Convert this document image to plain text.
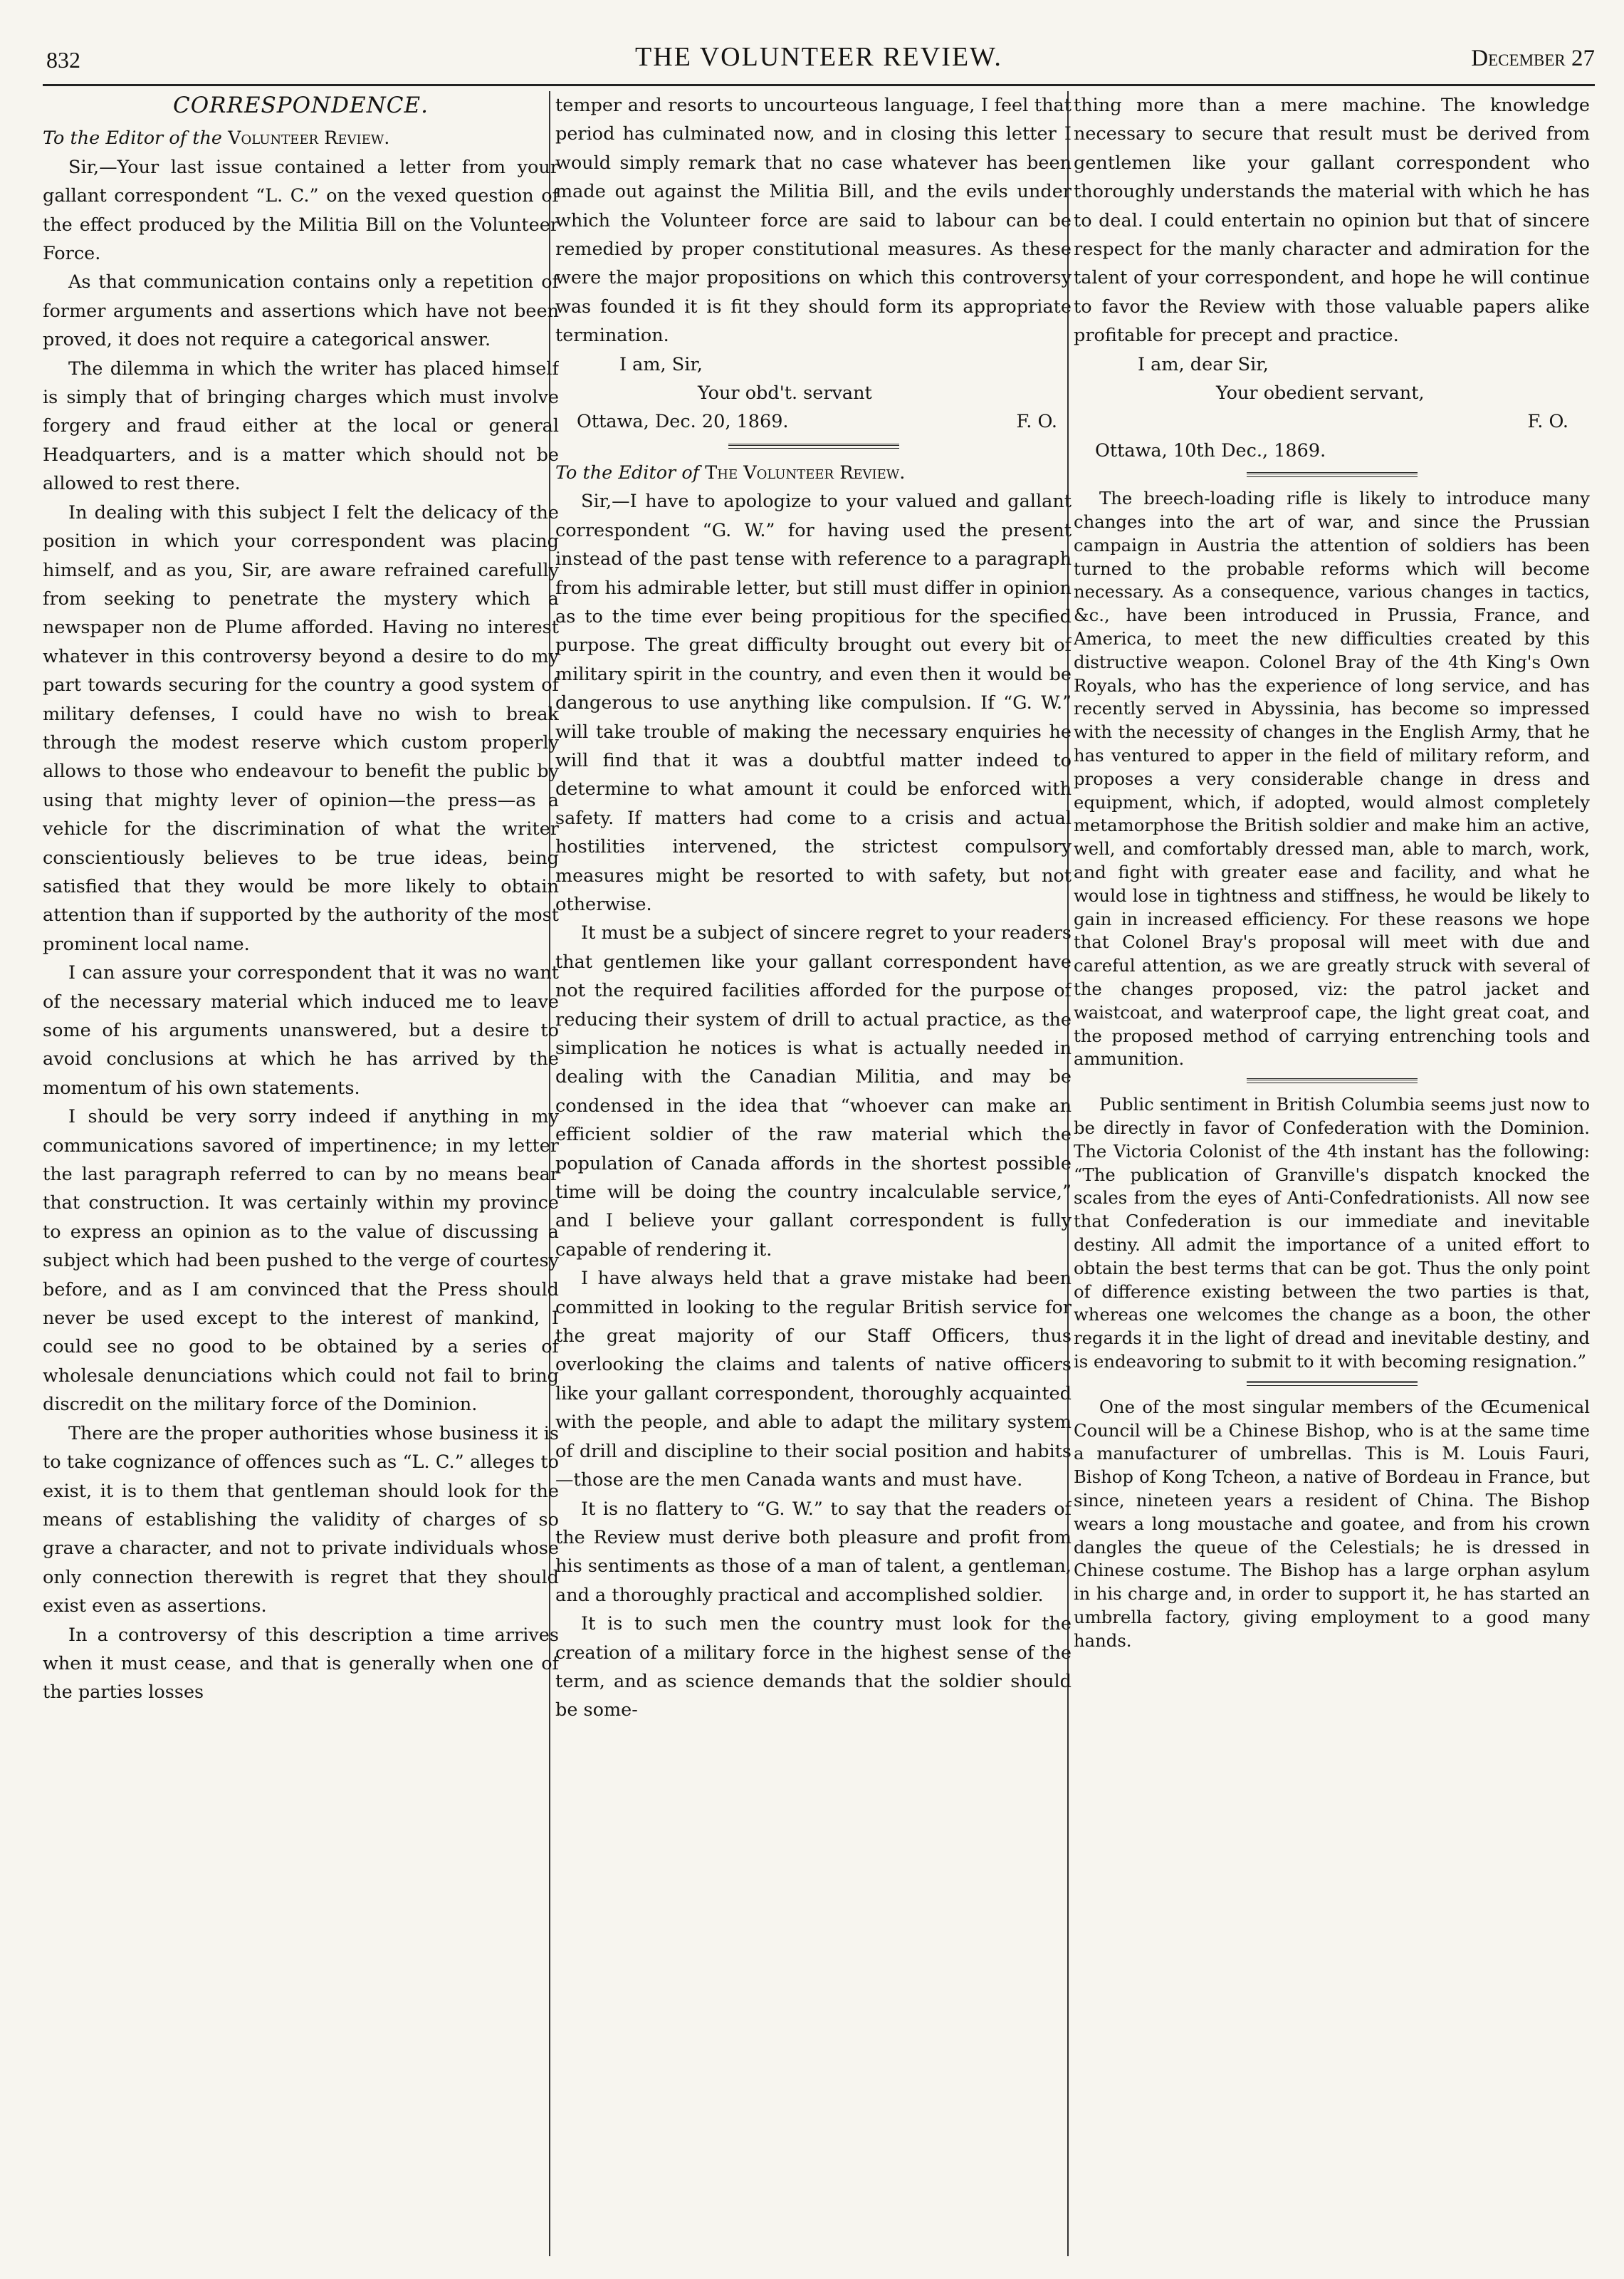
832	THE VOLUNTEER REVIEW.	December 27
CORRESPONDENCE.

To the Editor of the Volunteer Review.

Sir,—Your last issue contained a letter from your gallant correspondent “L. C.” on the vexed question of the effect produced by the Militia Bill on the Volunteer Force.

As that communication contains only a repetition of former arguments and assertions which have not been proved, it does not require a categorical answer.

The dilemma in which the writer has placed himself is simply that of bringing charges which must involve forgery and fraud either at the local or general Headquarters, and is a matter which should not be allowed to rest there.

In dealing with this subject I felt the delicacy of the position in which your correspondent was placing himself, and as you, Sir, are aware refrained carefully from seeking to penetrate the mystery which a newspaper non de Plume afforded. Having no interest whatever in this controversy beyond a desire to do my part towards securing for the country a good system of military defenses, I could have no wish to break through the modest reserve which custom properly allows to those who endeavour to benefit the public by using that mighty lever of opinion—the press—as a vehicle for the discrimination of what the writer conscientiously believes to be true ideas, being satisfied that they would be more likely to obtain attention than if supported by the authority of the most prominent local name.

I can assure your correspondent that it was no want of the necessary material which induced me to leave some of his arguments unanswered, but a desire to avoid conclusions at which he has arrived by the momentum of his own statements.

I should be very sorry indeed if anything in my communications savored of impertinence; in my letter the last paragraph referred to can by no means bear that construction. It was certainly within my province to express an opinion as to the value of discussing a subject which had been pushed to the verge of courtesy before, and as I am convinced that the Press should never be used except to the interest of mankind, I could see no good to be obtained by a series of wholesale denunciations which could not fail to bring discredit on the military force of the Dominion.

There are the proper authorities whose business it is to take cognizance of offences such as “L. C.” alleges to exist, it is to them that gentleman should look for the means of establishing the validity of charges of so grave a character, and not to private individuals whose only connection therewith is regret that they should exist even as assertions.

In a controversy of this description a time arrives when it must cease, and that is generally when one of the parties losses

temper and resorts to uncourteous language, I feel that period has culminated now, and in closing this letter I would simply remark that no case whatever has been made out against the Militia Bill, and the evils under which the Volunteer force are said to labour can be remedied by proper constitutional measures. As these were the major propositions on which this controversy was founded it is fit they should form its appropriate termination.

I am, Sir,
Your obd't. servant
Ottawa, Dec. 20, 1869.	F. O.

To the Editor of The Volunteer Review.

Sir,—I have to apologize to your valued and gallant correspondent “G. W.” for having used the present instead of the past tense with reference to a paragraph from his admirable letter, but still must differ in opinion as to the time ever being propitious for the specified purpose. The great difficulty brought out every bit of military spirit in the country, and even then it would be dangerous to use anything like compulsion. If “G. W.” will take trouble of making the necessary enquiries he will find that it was a doubtful matter indeed to determine to what amount it could be enforced with safety. If matters had come to a crisis and actual hostilities intervened, the strictest compulsory measures might be resorted to with safety, but not otherwise.

It must be a subject of sincere regret to your readers that gentlemen like your gallant correspondent have not the required facilities afforded for the purpose of reducing their system of drill to actual practice, as the simplication he notices is what is actually needed in dealing with the Canadian Militia, and may be condensed in the idea that “whoever can make an efficient soldier of the raw material which the population of Canada affords in the shortest possible time will be doing the country incalculable service,” and I believe your gallant correspondent is fully capable of rendering it.

I have always held that a grave mistake had been committed in looking to the regular British service for the great majority of our Staff Officers, thus overlooking the claims and talents of native officers like your gallant correspondent, thoroughly acquainted with the people, and able to adapt the military system of drill and discipline to their social position and habits—those are the men Canada wants and must have.

It is no flattery to “G. W.” to say that the readers of the Review must derive both pleasure and profit from his sentiments as those of a man of talent, a gentleman, and a thoroughly practical and accomplished soldier.

It is to such men the country must look for the creation of a military force in the highest sense of the term, and as science demands that the soldier should be some-

thing more than a mere machine. The knowledge necessary to secure that result must be derived from gentlemen like your gallant correspondent who thoroughly understands the material with which he has to deal. I could entertain no opinion but that of sincere respect for the manly character and admiration for the talent of your correspondent, and hope he will continue to favor the Review with those valuable papers alike profitable for precept and practice.

I am, dear Sir,
Your obedient servant,
F. O.
Ottawa, 10th Dec., 1869.

The breech-loading rifle is likely to introduce many changes into the art of war, and since the Prussian campaign in Austria the attention of soldiers has been turned to the probable reforms which will become necessary. As a consequence, various changes in tactics, &c., have been introduced in Prussia, France, and America, to meet the new difficulties created by this distructive weapon. Colonel Bray of the 4th King's Own Royals, who has the experience of long service, and has recently served in Abyssinia, has become so impressed with the necessity of changes in the English Army, that he has ventured to apper in the field of military reform, and proposes a very considerable change in dress and equipment, which, if adopted, would almost completely metamorphose the British soldier and make him an active, well, and comfortably dressed man, able to march, work, and fight with greater ease and facility, and what he would lose in tightness and stiffness, he would be likely to gain in increased efficiency. For these reasons we hope that Colonel Bray's proposal will meet with due and careful attention, as we are greatly struck with several of the changes proposed, viz: the patrol jacket and waistcoat, and waterproof cape, the light great coat, and the proposed method of carrying entrenching tools and ammunition.

Public sentiment in British Columbia seems just now to be directly in favor of Confederation with the Dominion. The Victoria Colonist of the 4th instant has the following: “The publication of Granville's dispatch knocked the scales from the eyes of Anti-Confedrationists. All now see that Confederation is our immediate and inevitable destiny. All admit the importance of a united effort to obtain the best terms that can be got. Thus the only point of difference existing between the two parties is that, whereas one welcomes the change as a boon, the other regards it in the light of dread and inevitable destiny, and is endeavoring to submit to it with becoming resignation.”

One of the most singular members of the Œcumenical Council will be a Chinese Bishop, who is at the same time a manufacturer of umbrellas. This is M. Louis Fauri, Bishop of Kong Tcheon, a native of Bordeau in France, but since, nineteen years a resident of China. The Bishop wears a long moustache and goatee, and from his crown dangles the queue of the Celestials; he is dressed in Chinese costume. The Bishop has a large orphan asylum in his charge and, in order to support it, he has started an umbrella factory, giving employment to a good many hands.
